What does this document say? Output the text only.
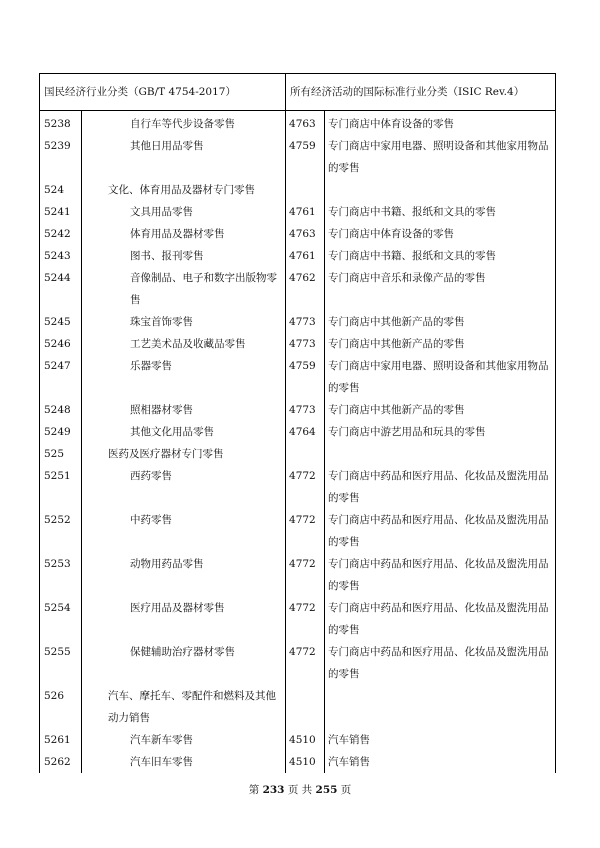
国民经济行业分类（GB/T 4754-2017）		所有经济活动的国际标准行业分类（ISIC Rev.4）	
5238	自行车等代步设备零售	4763	专门商店中体育设备的零售
5239	其他日用品零售	4759	专门商店中家用电器、照明设备和其他家用物品的零售
524	文化、体育用品及器材专门零售		
5241	文具用品零售	4761	专门商店中书籍、报纸和文具的零售
5242	体育用品及器材零售	4763	专门商店中体育设备的零售
5243	图书、报刊零售	4761	专门商店中书籍、报纸和文具的零售
5244	音像制品、电子和数字出版物零售	4762	专门商店中音乐和录像产品的零售
5245	珠宝首饰零售	4773	专门商店中其他新产品的零售
5246	工艺美术品及收藏品零售	4773	专门商店中其他新产品的零售
5247	乐器零售	4759	专门商店中家用电器、照明设备和其他家用物品的零售
5248	照相器材零售	4773	专门商店中其他新产品的零售
5249	其他文化用品零售	4764	专门商店中游艺用品和玩具的零售
525	医药及医疗器材专门零售		
5251	西药零售	4772	专门商店中药品和医疗用品、化妆品及盥洗用品的零售
5252	中药零售	4772	专门商店中药品和医疗用品、化妆品及盥洗用品的零售
5253	动物用药品零售	4772	专门商店中药品和医疗用品、化妆品及盥洗用品的零售
5254	医疗用品及器材零售	4772	专门商店中药品和医疗用品、化妆品及盥洗用品的零售
5255	保健辅助治疗器材零售	4772	专门商店中药品和医疗用品、化妆品及盥洗用品的零售
526	汽车、摩托车、零配件和燃料及其他动力销售		
5261	汽车新车零售	4510	汽车销售
5262	汽车旧车零售	4510	汽车销售
第 233 页 共 255 页
